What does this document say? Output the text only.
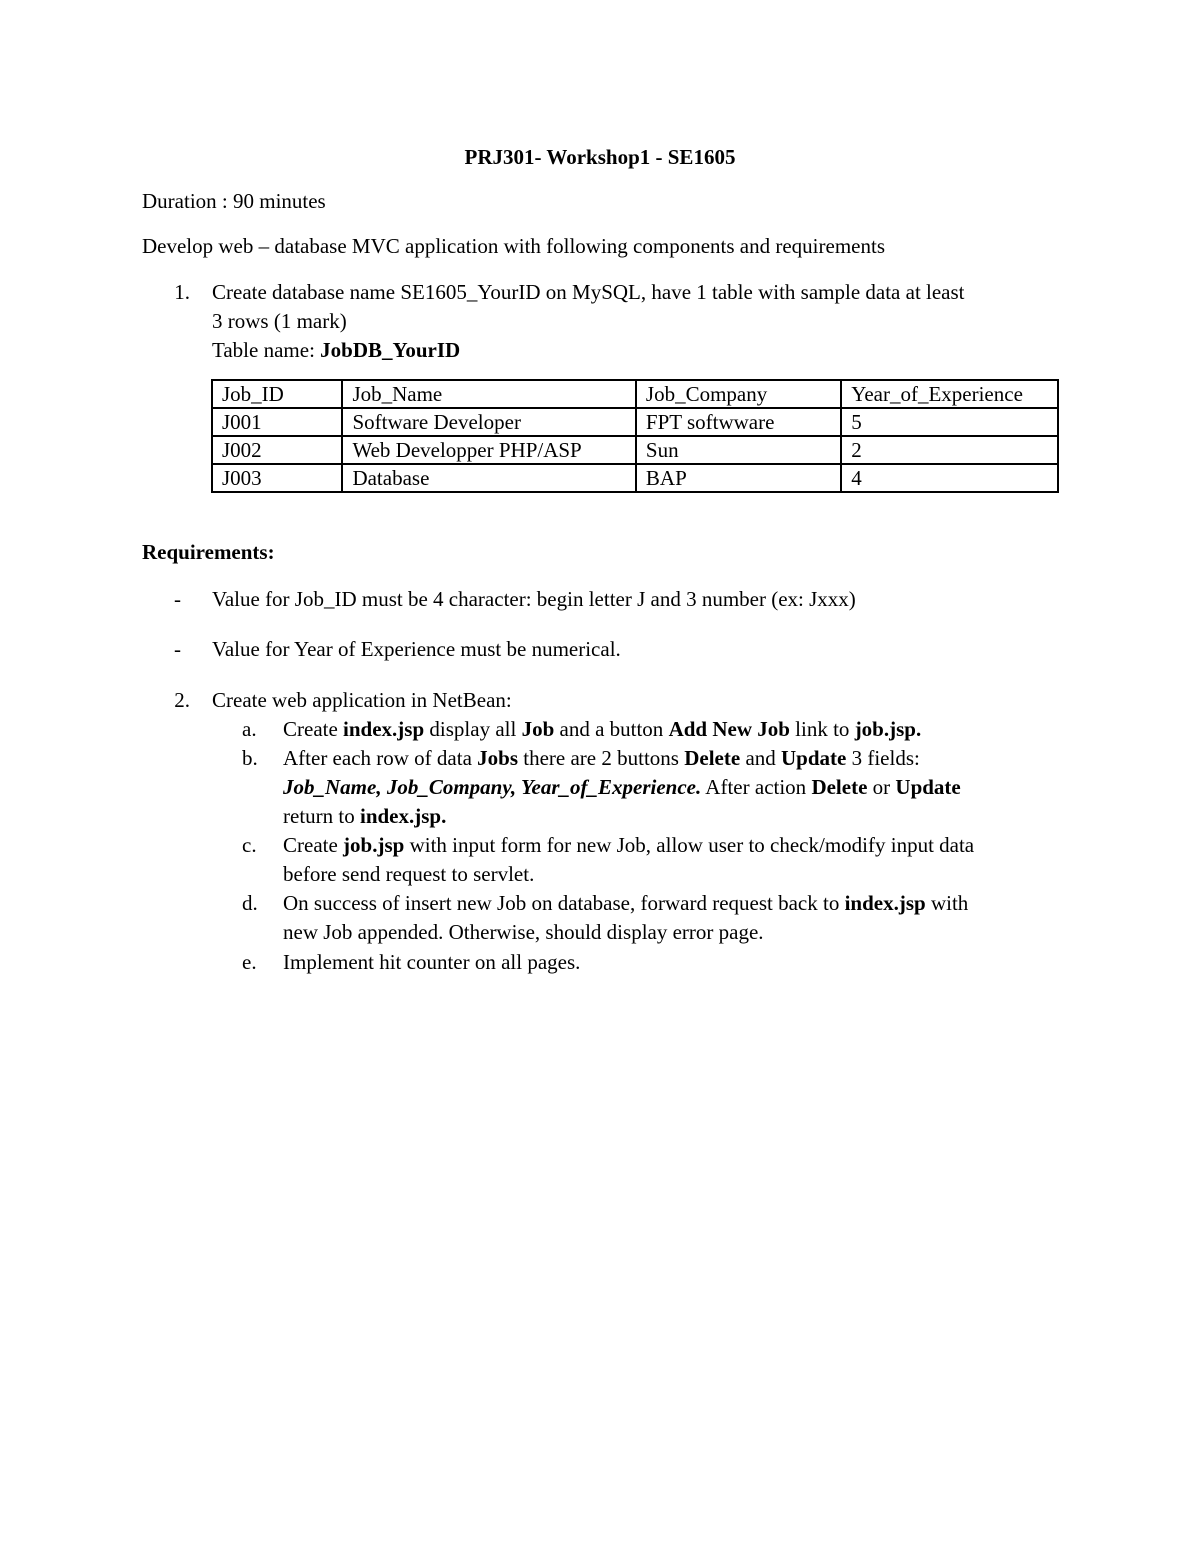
PRJ301- Workshop1 - SE1605
Duration : 90 minutes
Develop web – database MVC application with following components and requirements
1. Create database name SE1605_YourID on MySQL, have 1 table with sample data at least
3 rows (1 mark)
Table name: JobDB_YourID
Job_ID	Job_Name	Job_Company	Year_of_Experience
J001	Software Developer	FPT softwware	5
J002	Web Developper PHP/ASP	Sun	2
J003	Database	BAP	4
Requirements:
- Value for Job_ID must be 4 character: begin letter J and 3 number (ex: Jxxx)
- Value for Year of Experience must be numerical.
2. Create web application in NetBean:
a.	Create index.jsp display all Job and a button Add New Job link to job.jsp.
b.	After each row of data Jobs there are 2 buttons Delete and Update 3 fields:
Job_Name, Job_Company, Year_of_Experience. After action Delete or Update
return to index.jsp.
c.	Create job.jsp with input form for new Job, allow user to check/modify input data
before send request to servlet.
d.	On success of insert new Job on database, forward request back to index.jsp with
new Job appended. Otherwise, should display error page.
e.	Implement hit counter on all pages.
